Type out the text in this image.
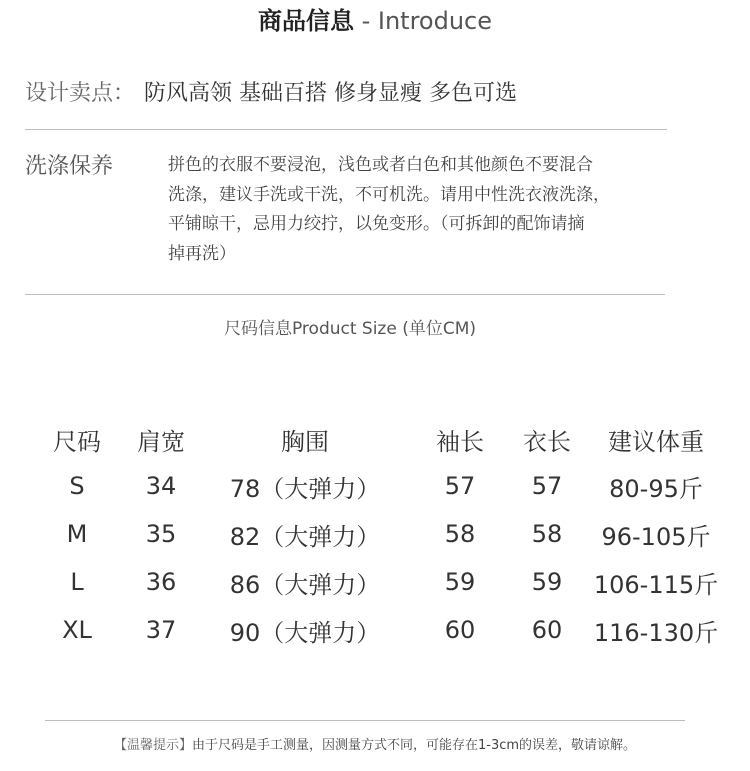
商品信息 - Introduce
设计卖点： 防风高领 基础百搭 修身显瘦 多色可选
洗涤保养	拼色的衣服不要浸泡，浅色或者白色和其他颜色不要混合
洗涤，建议手洗或干洗，不可机洗。请用中性洗衣液洗涤，
平铺晾干，忌用力绞拧，以免变形。（可拆卸的配饰请摘
掉再洗）
尺码信息Product Size (单位CM)
尺码	肩宽	胸围	袖长	衣长	建议体重
S	34	78（大弹力）	57	57	80-95斤
M	35	82（大弹力）	58	58	96-105斤
L	36	86（大弹力）	59	59	106-115斤
XL	37	90（大弹力）	60	60	116-130斤
【温馨提示】由于尺码是手工测量，因测量方式不同，可能存在1-3cm的误差，敬请谅解。
